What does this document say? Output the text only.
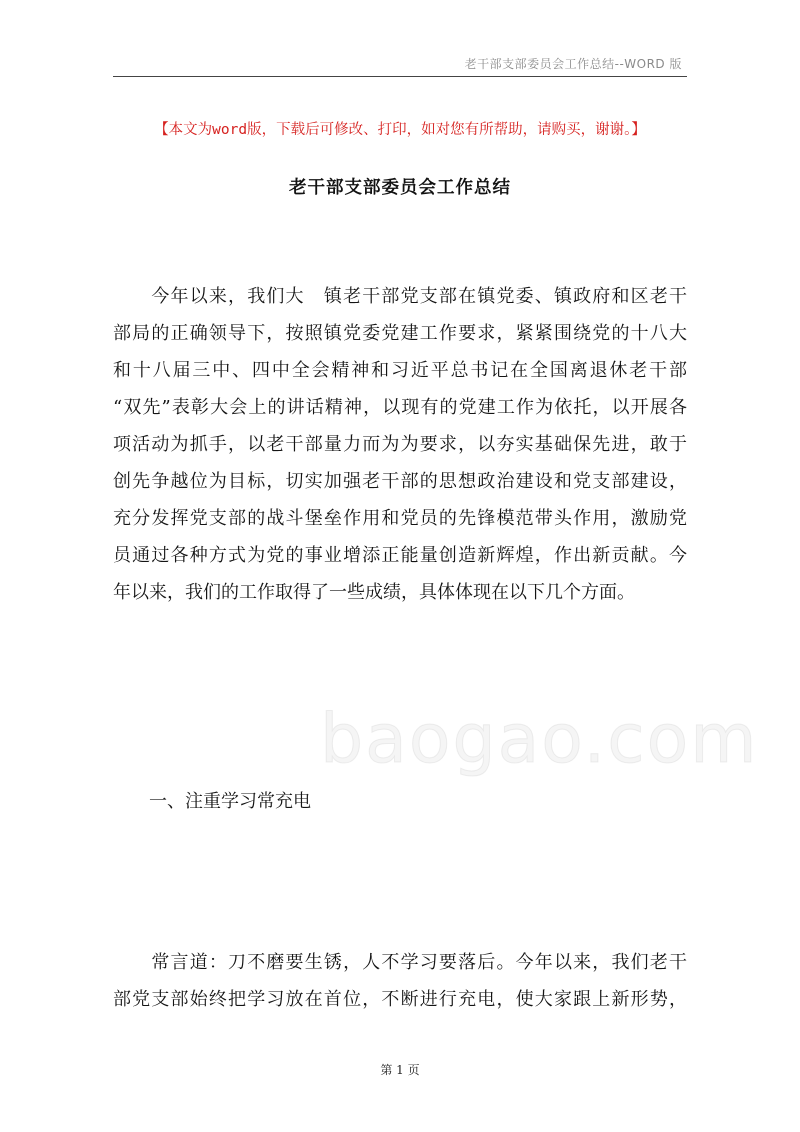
老干部支部委员会工作总结--WORD 版
【本文为word版，下载后可修改、打印，如对您有所帮助，请购买，谢谢。】
老干部支部委员会工作总结
baogao.com
　　今年以来，我们大　镇老干部党支部在镇党委、镇政府和区老干
部局的正确领导下，按照镇党委党建工作要求，紧紧围绕党的十八大
和十八届三中、四中全会精神和习近平总书记在全国离退休老干部
“双先”表彰大会上的讲话精神，以现有的党建工作为依托，以开展各
项活动为抓手，以老干部量力而为为要求，以夯实基础保先进，敢于
创先争越位为目标，切实加强老干部的思想政治建设和党支部建设，
充分发挥党支部的战斗堡垒作用和党员的先锋模范带头作用，激励党
员通过各种方式为党的事业增添正能量创造新辉煌，作出新贡献。今
年以来，我们的工作取得了一些成绩，具体体现在以下几个方面。
一、注重学习常充电
　　常言道：刀不磨要生锈，人不学习要落后。今年以来，我们老干
部党支部始终把学习放在首位，不断进行充电，使大家跟上新形势，
第 1 页
